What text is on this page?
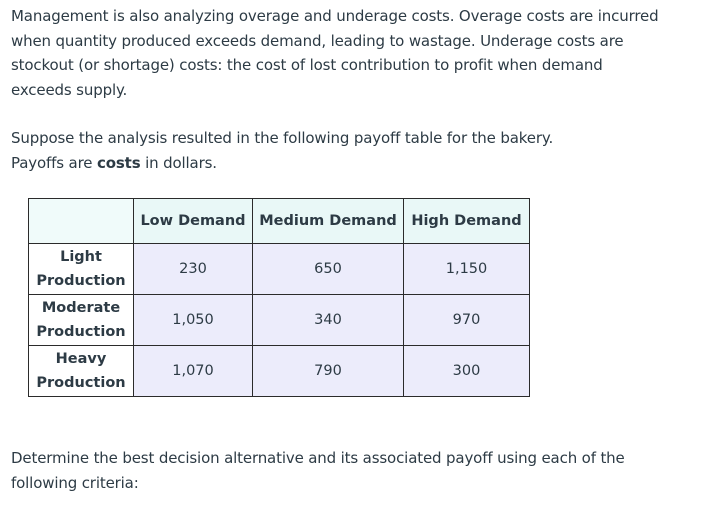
Management is also analyzing overage and underage costs. Overage costs are incurred
when quantity produced exceeds demand, leading to wastage. Underage costs are
stockout (or shortage) costs: the cost of lost contribution to profit when demand
exceeds supply.

Suppose the analysis resulted in the following payoff table for the bakery.
Payoffs are costs in dollars.

	Low Demand	Medium Demand	High Demand

Light
Production	230	650	1,150

Moderate
Production	1,050	340	970

Heavy
Production	1,070	790	300

Determine the best decision alternative and its associated payoff using each of the
following criteria:
